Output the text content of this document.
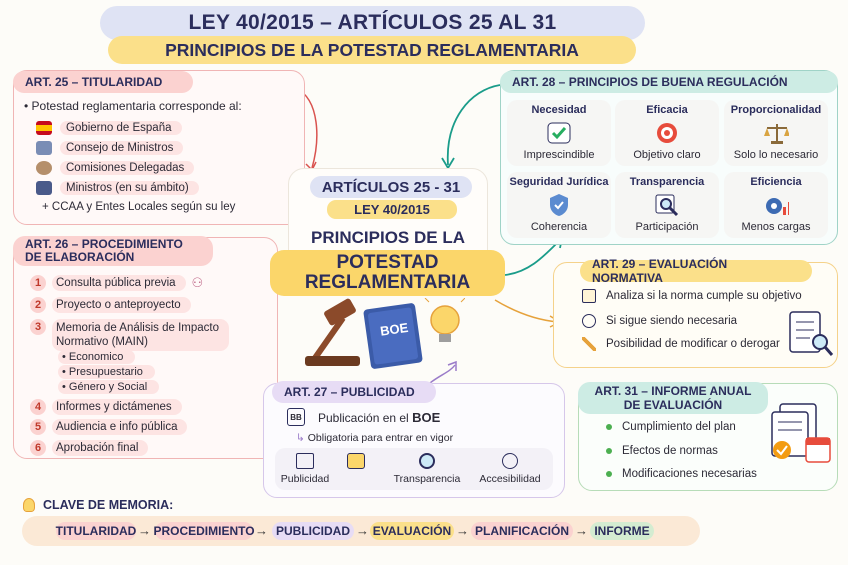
LEY 40/2015 – ARTÍCULOS 25 AL 31
PRINCIPIOS DE LA POTESTAD REGLAMENTARIA
ART. 25 – TITULARIDAD
• Potestad reglamentaria corresponde al:
Gobierno de España
Consejo de Ministros
Comisiones Delegadas
Ministros (en su ámbito)
+ CCAA y Entes Locales según su ley
ART. 26 – PROCEDIMIENTO
DE ELABORACIÓN
1	Consulta pública previa	⚇
2	Proyecto o anteproyecto
3	Memoria de Análisis de Impacto
Normativo (MAIN)
• Economico
• Presupuestario
• Género y Social
4	Informes y dictámenes
5	Audiencia e info pública
6	Aprobación final
ART. 28 – PRINCIPIOS DE BUENA REGULACIÓN
Necesidad
Imprescindible
Eficacia
Objetivo claro
Proporcionalidad
Solo lo necesario
Seguridad Jurídica
Coherencia
Transparencia
Participación
Eficiencia
Menos cargas
ARTÍCULOS 25 - 31
LEY 40/2015
PRINCIPIOS DE LA
POTESTAD
REGLAMENTARIA
BOE
ART. 29 – EVALUACIÓN NORMATIVA
Analiza si la norma cumple su objetivo
Si sigue siendo necesaria
Posibilidad de modificar o derogar
ART. 31 – INFORME ANUAL
DE EVALUACIÓN
Cumplimiento del plan
Efectos de normas
Modificaciones necesarias
ART. 27 – PUBLICIDAD
BB Publicación en el BOE
↳ Obligatoria para entrar en vigor
Publicidad	Transparencia Accesibilidad
CLAVE DE MEMORIA:
TITULARIDAD → PROCEDIMIENTO → PUBLICIDAD → EVALUACIÓN → PLANIFICACIÓN → INFORME
